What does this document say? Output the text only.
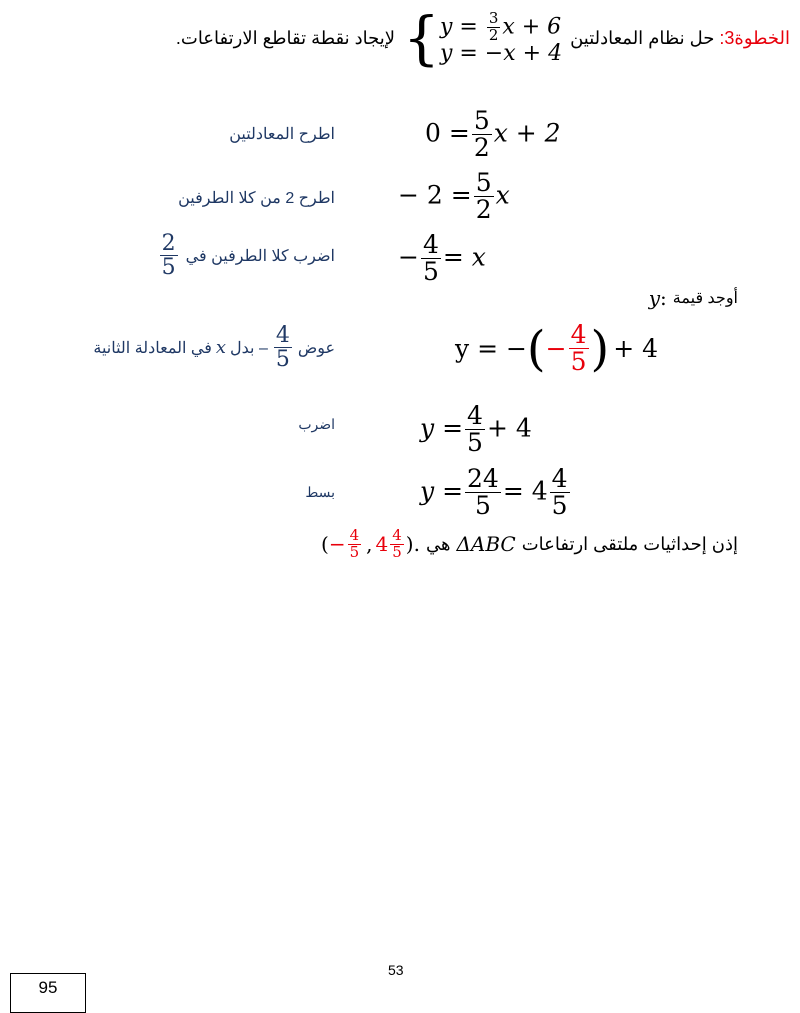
الخطوة3:
حل نظام المعادلتين
{ $y = \frac{3}{2}$ x + 6
y = −x + 4
لإيجاد نقطة تقاطع الارتفاعات.
اطرح المعادلتين	$0 = \frac{5}{2}$ x + 2
اطرح 2 من كلا الطرفين	− $2 = \frac{5}{2}$ x
اضرب كلا الطرفين في
$\frac{2}{5}$	− $\frac{4}{5} = x$
أوجد قيمة
y:
عوض
$\frac{4}{5}$
– بدل
x
في المعادلة الثانية	y = − ( − $\frac{4}{5}$ ) + 4
اضرب	$y = \frac{4}{5} + 4$
بسط	$y = \frac{24}{5} = 4 \frac{4}{5}$
إذن إحداثيات ملتقى ارتفاعات
ΔABC
هي
( − $\frac{4}{5}$ , $4 \frac{4}{5}$ ).
53
95
